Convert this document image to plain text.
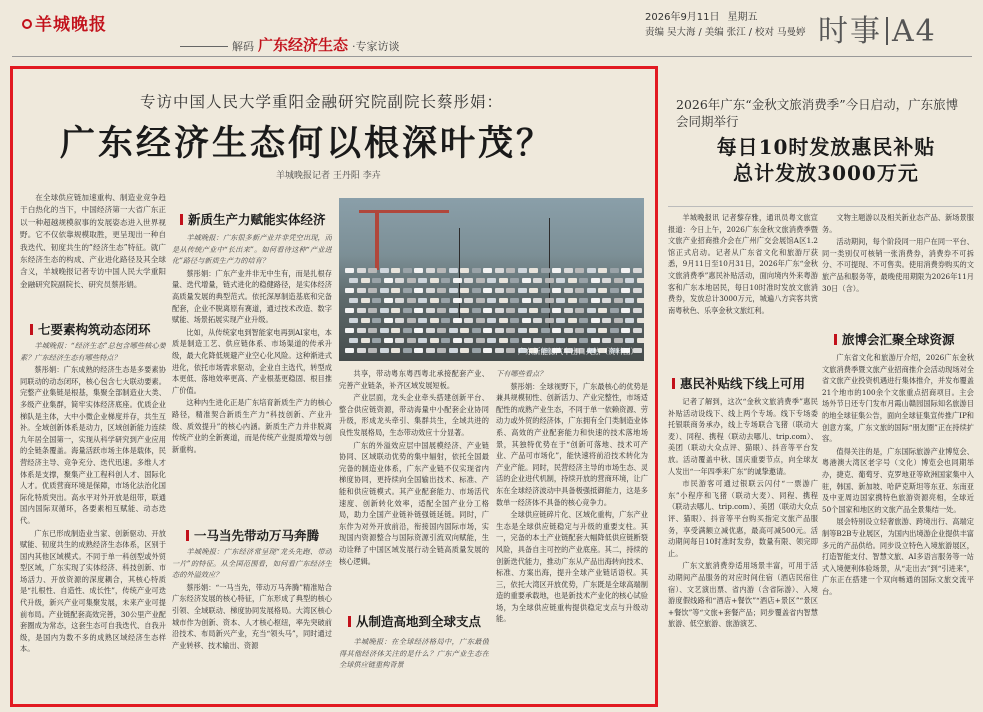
羊城晚报	2026年9月11日 星期五
责编 吴大海 / 美编 张江 / 校对 马曼婷 时事 A4
解码 广东经济生态 ·专家访谈
专访中国人民大学重阳金融研究院副院长蔡彤娟：
广东经济生态何以根深叶茂？
羊城晚报记者 王丹阳 李卉

在全球供应链加速重构、制造业竞争趋于白热化的当下，中国经济第一大省广东正以一种超越规模叙事的发展姿态进入世界视野。它不仅依靠规模取胜，更呈现出一种自我迭代、韧度共生的“经济生态”特征。就广东经济生态的构成、产业进化路径及其全球含义，羊城晚报记者专访中国人民大学重阳金融研究院副院长、研究员蔡彤娟。

七要素构筑动态闭环

羊城晚报：“经济生态”总包含哪些核心要素？广东经济生态有哪些特点？

蔡彤娟：广东成熟的经济生态是多要素协同联动的动态闭环，核心包含七大联动要素。完整产业集链是根基，集聚全部制造业大类、多级产业集群，简牢实体经济底座。优质企业梯队是主体，大中小微企业梯度并存，共生互补。全域创新体系是动力，区域创新能力连续九年居全国第一，实现从科学研究到产业应用的全链条覆盖。海量活跃市场主体是载体，民营经济主导、竞争充分、迭代迅速。多维人才体系是支撑，聚集产业工程科创人才、国际化人才。优质营商环境是保障，市场化法治化国际化特质突出。高水平对外开放是纽带，联通国内国际双循环，各要素相互赋能、动态迭代。

广东已形成制造业当家、创新驱动、开放赋能、韧度共生的成熟经济生态体系，区别于国内其他区域模式。不同于单一科创型或外贸型区域，广东实现了实体经济、科技创新、市场活力、开放资源的深度耦合，其核心特质是“扎根性、自造性、成长性”，传统产业可迭代升级，新兴产业可集聚发展，未来产业可提前布局。产业链配套高效完善，30公里产业配套圈成为常态，这套生态可自我迭代、自我升级，是国内为数不多的成熟区域经济生态样本。

新质生产力赋能实体经济

羊城晚报：广东很多新产业并非凭空出现，而是从传统产业中“长出来”。如何看待这种“产业进化”路径与新质生产力的培育？

蔡彤娟：广东产业并非无中生有，而是扎根存量、迭代增量，链式进化的稳健路径，是实体经济高质量发展的典型范式。依托深厚制造基底和完备配套，企业不脱离原有赛道，通过技术改造、数字赋能、场景拓展实现产业升级。

比如，从传统家电到智能家电再到AI家电，本质是制造工艺、供应链体系、市场渠道的传承升级，最大化降低规避产业空心化风险。这种渐进式进化，依托市场需求驱动，企业自主选代，转型成本更低、落地效率更高、产业根基更稳固、根目推广价值。

这种内生进化正是广东培育新质生产力的核心路径，精准契合新质生产力“科技创新、产业升级、质效提升”的核心内涵。新质生产力并非脱离传统产业的全新赛道，而是传统产业提质增效与创新重构。

一马当先带动万马奔腾

羊城晚报：广东经济常呈现“龙头先跑、带动一片”的特征。从全国范围看，如何看广东经济生态的外溢效应？

蔡彤娟：“一马当先，带动万马奔腾”精准贴合广东经济发展的核心特征，广东形成了典型的核心引领、全域联动、梯度协同发展格局。大湾区核心城市作为创新、资本、人才核心枢纽，率先突破前沿技术、布局新兴产业，充当“领头马”，同时通过产业转移、技术输出、资源

广东新能源汽车出口火热（资料图）

共享，带动粤东粤西粤北承接配套产业、完善产业链条，补齐区域发展短板。

产业层面，龙头企业牵头搭建创新平台、整合供应链资源，带动海量中小配套企业协同升级，形成龙头牵引、集群共生，全域共进的良性发展格局，生态带动效应十分显著。

广东的外溢效应层中国展模经济、产业链协同、区域联动优势的集中辐射，依托全国最完备的制造业体系，广东产业链不仅实现省内梯度协同，更持续向全国输出技术、标准、产能和供应链模式。其产业配套能力、市场活代速度、创新转化效率，适配全国产业分工格局，助力全国产业链补链强链延链。同时，广东作为对外开放前沿，衔接国内国际市场，实现国内资源整合与国际资源引流双向赋能，生动诠释了中国区域发展行动全链高质量发展的核心逻辑。

从制造高地到全球支点

羊城晚报：在全球经济格局中，广东最值得其他经济体关注的是什么？广东产业生态在全球供应链重构背景

下有哪些看点？

蔡彤娟：全球视野下，广东最核心的优势是兼具规模韧性、创新活力、产业完整性，市场适配性的成熟产业生态，不同于单一依赖资源、劳动力或外贸的经济体，广东拥有全门类制造业体系、高效的产业配套能力和快速的技术落地场景，其独特优势在于“创新可落地、技术可产业、产品可市场化”，能快速将前沿技术转化为产业产能。同时，民营经济主导的市场生态、灵活的企业进代机制，持续开放的营商环境，让广东在全球经济波动中具备极强抵御能力，这是多数单一经济体不具备的核心竞争力。

全球供应链碎片化、区域化重构，广东产业生态是全球供应链稳定与升级的重要支柱。其一，完备的本土产业链配套大幅降低供应链断裂风险，具备自主可控的产业底座。其二，持续的创新迭代能力，推动广东从产品出海转向技术、标准、方案出海，提升全球产业链话语权。其三，依托大湾区开放优势，广东既是全球高端制造的重要承载地，也是新技术产业化的核心试验场，为全球供应链重构提供稳定支点与升级动能。

2026年广东“金秋文旅消费季”今日启动，广东旅博会同期举行
每日10时发放惠民补贴
总计发放3000万元

羊城晚报讯 记者黎存雅，通讯员粤文旅宣报道：今日上午，2026广东金秋文旅消费季暨文旅产业招商推介会在广州广交会展馆A区1.2馆正式启动。记者从广东省文化和旅游厅获悉，9月11日至10月31日，2026年广东“金秋文旅消费季”惠民补贴活动，面向境内外来粤游客和广东本地居民，每日10时准时发放文旅消费券，发放总计3000万元，城遍八方宾客共赏南粤秋色、乐享金秋文旅红利。

惠民补贴线下线上可用

记者了解到，这次“金秋文旅消费季”惠民补贴活动设线下、线上两个专场。线下专场委托银联商务承办，线上专场联合飞猪（联动大麦）、同程、携程（联动去哪儿、trip.com）、美团（联动大众点评、猫眼）、抖音等平台发放。活动覆盖中秋、国庆重要节点，向全球友人发出“一年四季来广东”的诚挚邀请。

市民游客可通过银联云闪付“一票游广东”小程序和飞猪（联动大麦）、同程、携程（联动去哪儿、trip.com）、美团（联动大众点评、猫眼）、抖音等平台购买指定文旅产品服务，享受满额立减优惠，最高可减500元。活动期间每日10时准时发券，数量有限、领完即止。

广东文旅消费券适用场景丰富，可用于活动期间产品服务的对应时间住宿（酒店民宿住宿）、文艺演出票、省内游（含省际游）、入境游度假线路和“酒店+餐饮”“酒店+景区”“景区+餐饮”等“文旅+套餐产品；同步覆盖省内智慧旅游、低空旅游、旅游演艺、

文物主题游以及相关新业态产品、新场景服务。

活动期间，每个阶段同一用户在同一平台、同一类别仅可核销一张消费券，消费券不可拆分、不可提现、不可售卖。使用消费券购买的文旅产品和服务等，最晚使用期限为2026年11月30日（含）。

旅博会汇聚全球资源

广东省文化和旅游厅介绍，2026广东金秋文旅消费季暨文旅产业招商推介会活动现场对全省文旅产业投资机遇进行集体推介，并发布覆盖21个地市的100余个文旅重点招商项目。主会场外节日还专门发布月霞山赣园国际知名旅游目的地全球征集公告，面向全球征集宣传推广IP和创意方案，广东文旅的国际“朋友圈”正在持续扩容。

值得关注的是，广东国际旅游产业博览会、粤港澳大湾区老字号（文化）博览会也同期举办，捷克、葡萄牙、克罗地亚等欧洲国家集中入驻，韩国、新加坡、哈萨克斯坦等东亚、东南亚及中亚周边国家携特色旅游资源亮相，全球近50个国家和地区的文旅产品全景集结一处。

展会特别设立轻奢旅游、跨境出行、高端定制等B2B专业展区，为国内出境游企业提供丰富多元的产品供给。同步设立特色入境旅游展区，打造智能支付、智慧文旅、AI多语言服务等一站式入境便利体验场景，从“走出去”到“引进来”，广东正在搭建一个双向畅通的国际文旅交流平台。
